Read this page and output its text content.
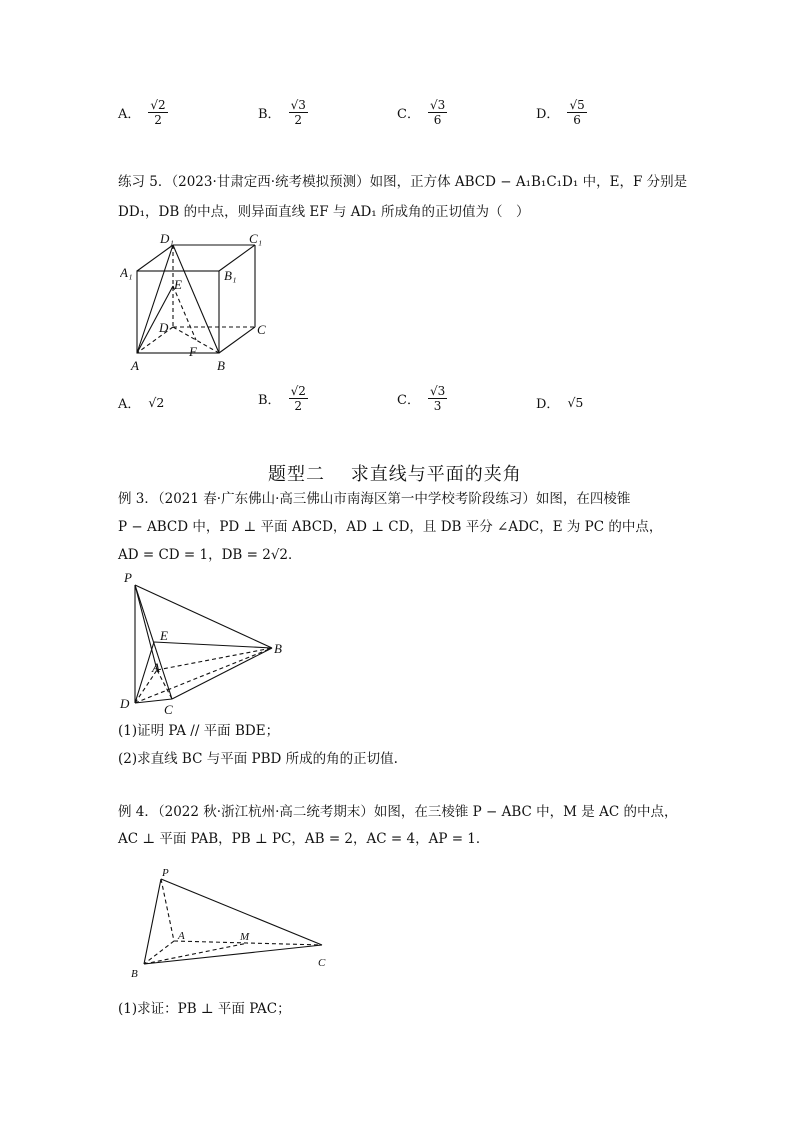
A． $\frac{√2}{2}$	B． $\frac{√3}{2}$	C． $\frac{√3}{6}$	D． $\frac{√5}{6}$
练习 5．（2023·甘肃定西·统考模拟预测）如图，正方体 ABCD − A₁B₁C₁D₁ 中，E，F 分别是
DD₁，DB 的中点，则异面直线 EF 与 AD₁ 所成角的正切值为（　）
D₁	C₁
A₁	B₁
E
D	C
F
A	B
A． √2	B． $\frac{√2}{2}$	C． $\frac{√3}{3}$	D． √5
题型二　 求直线与平面的夹角
例 3．（2021 春·广东佛山·高三佛山市南海区第一中学校考阶段练习）如图，在四棱锥
P − ABCD 中，PD ⊥ 平面 ABCD，AD ⊥ CD，且 DB 平分 ∠ADC，E 为 PC 的中点，
AD = CD = 1，DB = 2√2．
P
E
A
B
D	C
(1)证明 PA // 平面 BDE；
(2)求直线 BC 与平面 PBD 所成的角的正切值.
例 4．（2022 秋·浙江杭州·高二统考期末）如图，在三棱锥 P − ABC 中，M 是 AC 的中点，
AC ⊥ 平面 PAB，PB ⊥ PC，AB = 2，AC = 4，AP = 1．
P
A	M
B
C
(1)求证：PB ⊥ 平面 PAC；
